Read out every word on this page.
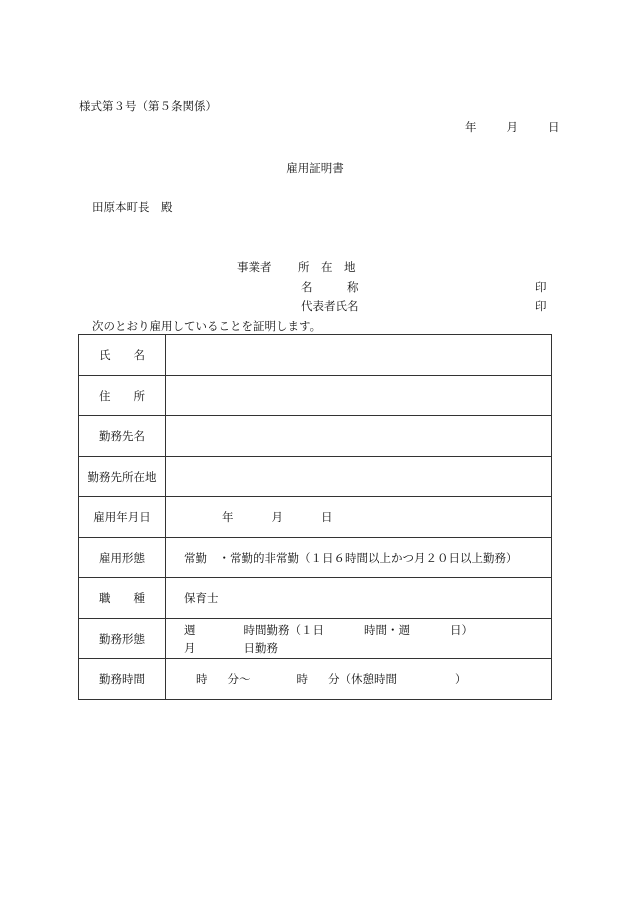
様式第３号（第５条関係）
年	月	日
雇用証明書
田原本町長　殿
事業者 所　在　地
名　　　称	印
代表者氏名	印
次のとおり雇用していることを証明します。
氏　　名	
住　　所	
勤務先名	
勤務先所在地	
雇用年月日	年 月 日
雇用形態	常勤　・常勤的非常勤（１日６時間以上かつ月２０日以上勤務）
職　　種	保育士
勤務形態	週 時間勤務（１日 時間・週 日）
月 日勤務

勤務時間	時 分〜 時 分（休憩時間 ）
